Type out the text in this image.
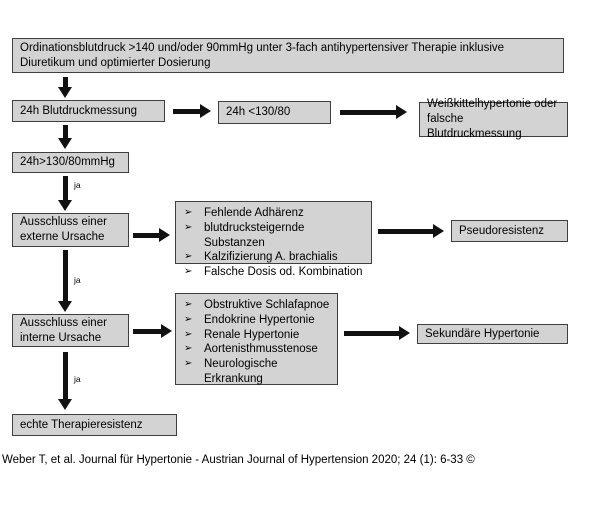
Ordinationsblutdruck >140 und/oder 90mmHg unter 3-fach antihypertensiver Therapie inklusive Diuretikum und optimierter Dosierung
24h Blutdruckmessung	24h <130/80
Weißkittelhypertonie oder falsche Blutdruckmessung
24h>130/80mmHg
ja
Ausschluss einer externe Ursache
➢	Fehlende Adhärenz
➢	blutdrucksteigernde Substanzen
➢	Kalzifizierung A. brachialis
➢	Falsche Dosis od. Kombination
Pseudoresistenz
ja
Ausschluss einer interne Ursache
➢	Obstruktive Schlafapnoe
➢	Endokrine Hypertonie
➢	Renale Hypertonie
➢	Aortenisthmusstenose
➢	Neurologische Erkrankung
Sekundäre Hypertonie
ja
echte Therapieresistenz
Weber T, et al. Journal für Hypertonie - Austrian Journal of Hypertension 2020; 24 (1): 6-33 ©
